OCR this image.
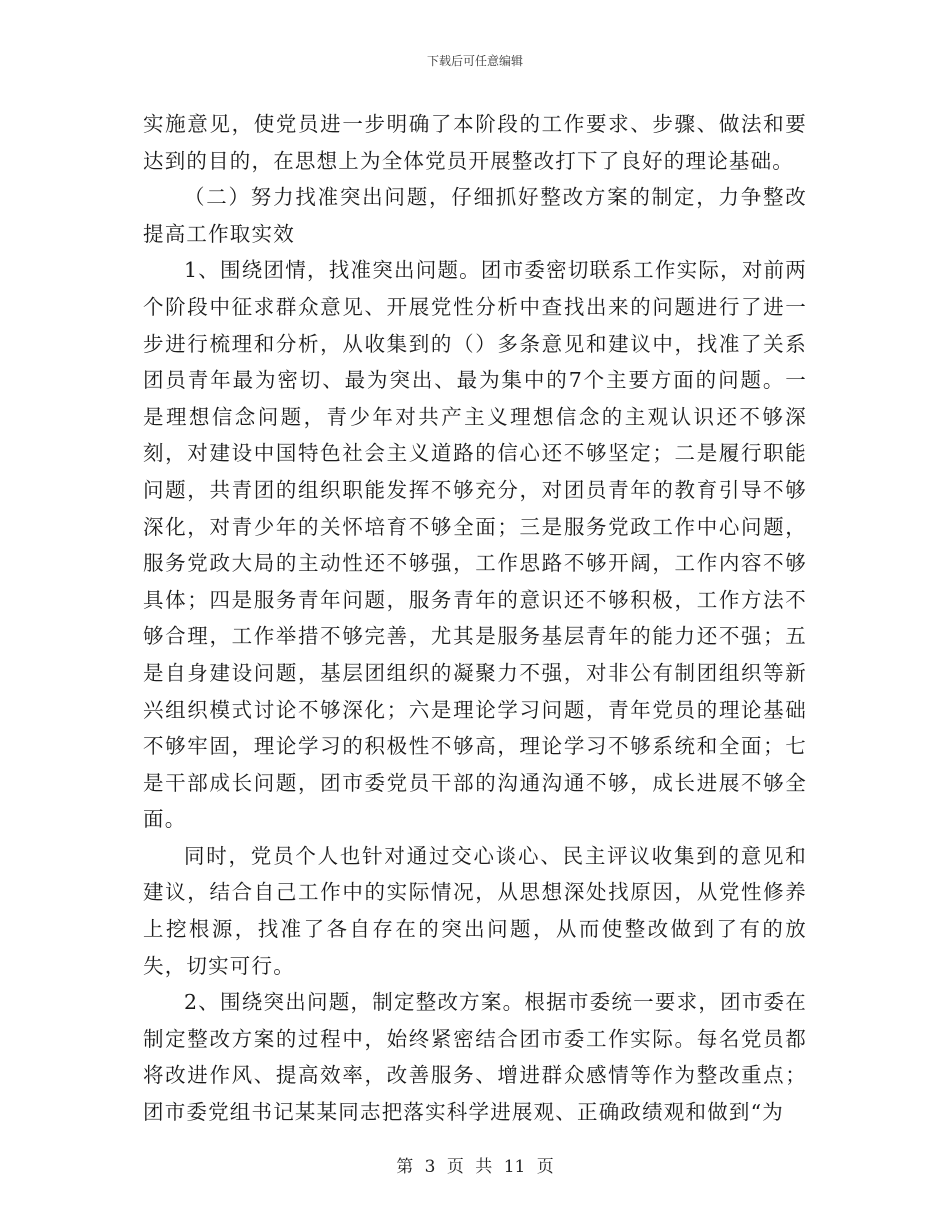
下载后可任意编辑

实施意见，使党员进一步明确了本阶段的工作要求、步骤、做法和要达到的目的，在思想上为全体党员开展整改打下了良好的理论基础。

（二）努力找准突出问题，仔细抓好整改方案的制定，力争整改提高工作取实效

1、围绕团情，找准突出问题。团市委密切联系工作实际，对前两个阶段中征求群众意见、开展党性分析中查找出来的问题进行了进一步进行梳理和分析，从收集到的（）多条意见和建议中，找准了关系团员青年最为密切、最为突出、最为集中的7个主要方面的问题。一是理想信念问题，青少年对共产主义理想信念的主观认识还不够深刻，对建设中国特色社会主义道路的信心还不够坚定；二是履行职能问题，共青团的组织职能发挥不够充分，对团员青年的教育引导不够深化，对青少年的关怀培育不够全面；三是服务党政工作中心问题，服务党政大局的主动性还不够强，工作思路不够开阔，工作内容不够具体；四是服务青年问题，服务青年的意识还不够积极，工作方法不够合理，工作举措不够完善，尤其是服务基层青年的能力还不强；五是自身建设问题，基层团组织的凝聚力不强，对非公有制团组织等新兴组织模式讨论不够深化；六是理论学习问题，青年党员的理论基础不够牢固，理论学习的积极性不够高，理论学习不够系统和全面；七是干部成长问题，团市委党员干部的沟通沟通不够，成长进展不够全面。

同时，党员个人也针对通过交心谈心、民主评议收集到的意见和建议，结合自己工作中的实际情况，从思想深处找原因，从党性修养上挖根源，找准了各自存在的突出问题，从而使整改做到了有的放失，切实可行。

2、围绕突出问题，制定整改方案。根据市委统一要求，团市委在制定整改方案的过程中，始终紧密结合团市委工作实际。每名党员都将改进作风、提高效率，改善服务、增进群众感情等作为整改重点；团市委党组书记某某同志把落实科学进展观、正确政绩观和做到“为

第 3 页 共 11 页
